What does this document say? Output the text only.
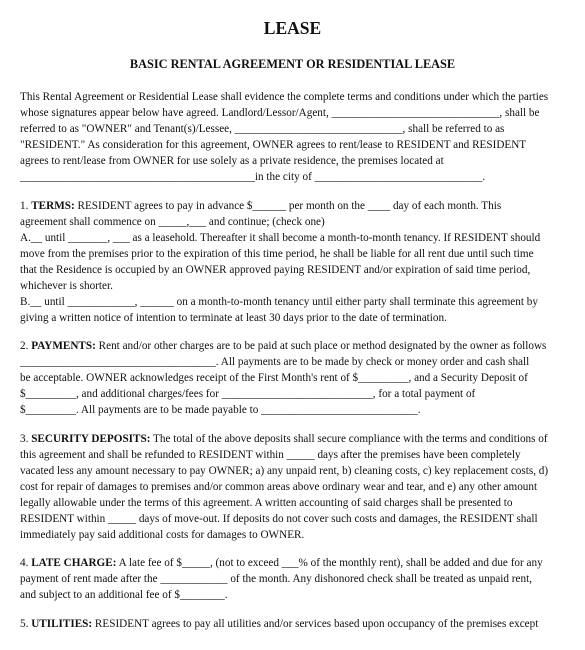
LEASE
BASIC RENTAL AGREEMENT OR RESIDENTIAL LEASE
This Rental Agreement or Residential Lease shall evidence the complete terms and conditions under which the parties
whose signatures appear below have agreed. Landlord/Lessor/Agent, ______________________________, shall be
referred to as "OWNER" and Tenant(s)/Lessee, ______________________________, shall be referred to as
"RESIDENT." As consideration for this agreement, OWNER agrees to rent/lease to RESIDENT and RESIDENT
agrees to rent/lease from OWNER for use solely as a private residence, the premises located at
__________________________________________in the city of ______________________________.
1. TERMS: RESIDENT agrees to pay in advance $______ per month on the ____ day of each month. This
agreement shall commence on _____,___ and continue; (check one)
A.__ until _______, ___ as a leasehold. Thereafter it shall become a month-to-month tenancy. If RESIDENT should
move from the premises prior to the expiration of this time period, he shall be liable for all rent due until such time
that the Residence is occupied by an OWNER approved paying RESIDENT and/or expiration of said time period,
whichever is shorter.
B.__ until ____________, ______ on a month-to-month tenancy until either party shall terminate this agreement by
giving a written notice of intention to terminate at least 30 days prior to the date of termination.
2. PAYMENTS: Rent and/or other charges are to be paid at such place or method designated by the owner as follows
___________________________________. All payments are to be made by check or money order and cash shall
be acceptable. OWNER acknowledges receipt of the First Month's rent of $_________, and a Security Deposit of
$_________, and additional charges/fees for ___________________________, for a total payment of
$_________. All payments are to be made payable to ____________________________.
3. SECURITY DEPOSITS: The total of the above deposits shall secure compliance with the terms and conditions of
this agreement and shall be refunded to RESIDENT within _____ days after the premises have been completely
vacated less any amount necessary to pay OWNER; a) any unpaid rent, b) cleaning costs, c) key replacement costs, d)
cost for repair of damages to premises and/or common areas above ordinary wear and tear, and e) any other amount
legally allowable under the terms of this agreement. A written accounting of said charges shall be presented to
RESIDENT within _____ days of move-out. If deposits do not cover such costs and damages, the RESIDENT shall
immediately pay said additional costs for damages to OWNER.
4. LATE CHARGE: A late fee of $_____, (not to exceed ___% of the monthly rent), shall be added and due for any
payment of rent made after the ____________ of the month. Any dishonored check shall be treated as unpaid rent,
and subject to an additional fee of $________.
5. UTILITIES: RESIDENT agrees to pay all utilities and/or services based upon occupancy of the premises except
